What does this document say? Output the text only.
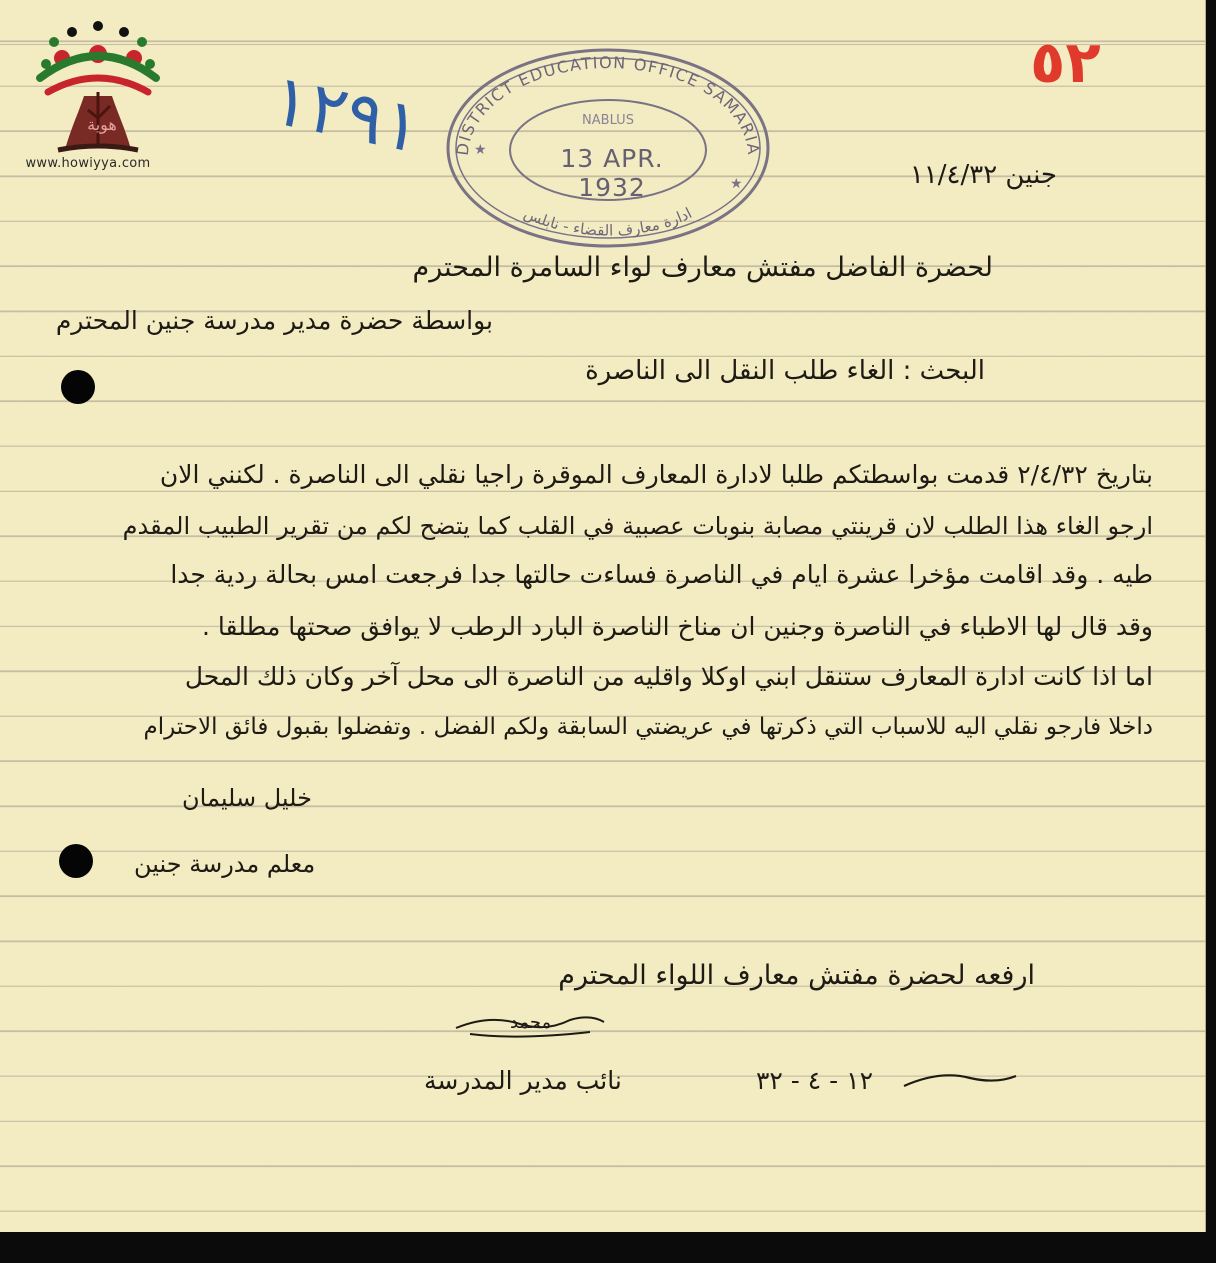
هوية
www.howiyya.com ١٢٩١	٥٢
DISTRICT EDUCATION OFFICE SAMARIA
NABLUS
ادارة معارف القضاء - نابلس
★
★
13 APR. 1932	جنين ١١/٤/٣٢
لحضرة الفاضل مفتش معارف لواء السامرة المحترم
بواسطة حضرة مدير مدرسة جنين المحترم
البحث : الغاء طلب النقل الى الناصرة
بتاريخ ٢/٤/٣٢ قدمت بواسطتكم طلبا لادارة المعارف الموقرة راجيا نقلي الى الناصرة . لكنني الان
ارجو الغاء هذا الطلب لان قرينتي مصابة بنوبات عصبية في القلب كما يتضح لكم من تقرير الطبيب المقدم
طيه . وقد اقامت مؤخرا عشرة ايام في الناصرة فساءت حالتها جدا فرجعت امس بحالة ردية جدا
وقد قال لها الاطباء في الناصرة وجنين ان مناخ الناصرة البارد الرطب لا يوافق صحتها مطلقا .
اما اذا كانت ادارة المعارف ستنقل ابني اوكلا واقليه من الناصرة الى محل آخر وكان ذلك المحل
داخلا فارجو نقلي اليه للاسباب التي ذكرتها في عريضتي السابقة ولكم الفضل . وتفضلوا بقبول فائق الاحترام
خليل سليمان
معلم مدرسة جنين
ارفعه لحضرة مفتش معارف اللواء المحترم
محمد
١٢ - ٤ - ٣٢
نائب مدير المدرسة
